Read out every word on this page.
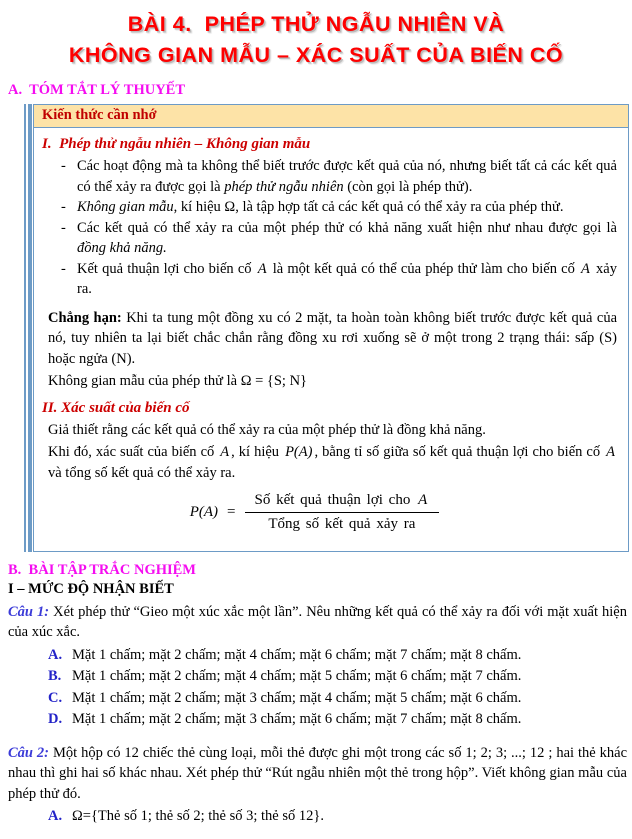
BÀI 4.  PHÉP THỬ NGẪU NHIÊN VÀ
KHÔNG GIAN MẪU – XÁC SUẤT CỦA BIẾN CỐ
A.  TÓM TẮT LÝ THUYẾT
Kiến thức cần nhớ
I.  Phép thử ngẫu nhiên – Không gian mẫu
- Các hoạt động mà ta không thể biết trước được kết quả của nó, nhưng biết tất cả các kết quả có thể xảy ra được gọi là phép thử ngẫu nhiên (còn gọi là phép thử).
- Không gian mẫu, kí hiệu Ω, là tập hợp tất cả các kết quả có thể xảy ra của phép thử.
- Các kết quả có thể xảy ra của một phép thử có khả năng xuất hiện như nhau được gọi là đồng khả năng.
- Kết quả thuận lợi cho biến cố A là một kết quả có thể của phép thử làm cho biến cố A xảy ra.

Chẳng hạn: Khi ta tung một đồng xu có 2 mặt, ta hoàn toàn không biết trước được kết quả của nó, tuy nhiên ta lại biết chắc chắn rằng đồng xu rơi xuống sẽ ở một trong 2 trạng thái: sấp (S) hoặc ngửa (N).

Không gian mẫu của phép thử là Ω = {S; N}

II. Xác suất của biến cố

Giả thiết rằng các kết quả có thể xảy ra của một phép thử là đồng khả năng.

Khi đó, xác suất của biến cố A , kí hiệu P(A) , bằng tỉ số giữa số kết quả thuận lợi cho biến cố A và tổng số kết quả có thể xảy ra.

$P(A) = \frac{\text{Số kết quả thuận lợi cho A}}{\text{Tổng số kết quả xảy ra}}$
B.  BÀI TẬP TRẮC NGHIỆM
I – MỨC ĐỘ NHẬN BIẾT

Câu 1: Xét phép thử “Gieo một xúc xắc một lần”. Nêu những kết quả có thể xảy ra đối với mặt xuất hiện của xúc xắc.

A. Mặt 1 chấm; mặt 2 chấm; mặt 4 chấm; mặt 6 chấm; mặt 7 chấm; mặt 8 chấm.
B. Mặt 1 chấm; mặt 2 chấm; mặt 4 chấm; mặt 5 chấm; mặt 6 chấm; mặt 7 chấm.
C. Mặt 1 chấm; mặt 2 chấm; mặt 3 chấm; mặt 4 chấm; mặt 5 chấm; mặt 6 chấm.
D. Mặt 1 chấm; mặt 2 chấm; mặt 3 chấm; mặt 6 chấm; mặt 7 chấm; mặt 8 chấm.

Câu 2: Một hộp có 12 chiếc thẻ cùng loại, mỗi thẻ được ghi một trong các số 1; 2; 3; ...; 12 ; hai thẻ khác nhau thì ghi hai số khác nhau. Xét phép thử “Rút ngẫu nhiên một thẻ trong hộp”. Viết không gian mẫu của phép thử đó.

A. Ω={Thẻ số 1; thẻ số 2; thẻ số 3; thẻ số 12}.
